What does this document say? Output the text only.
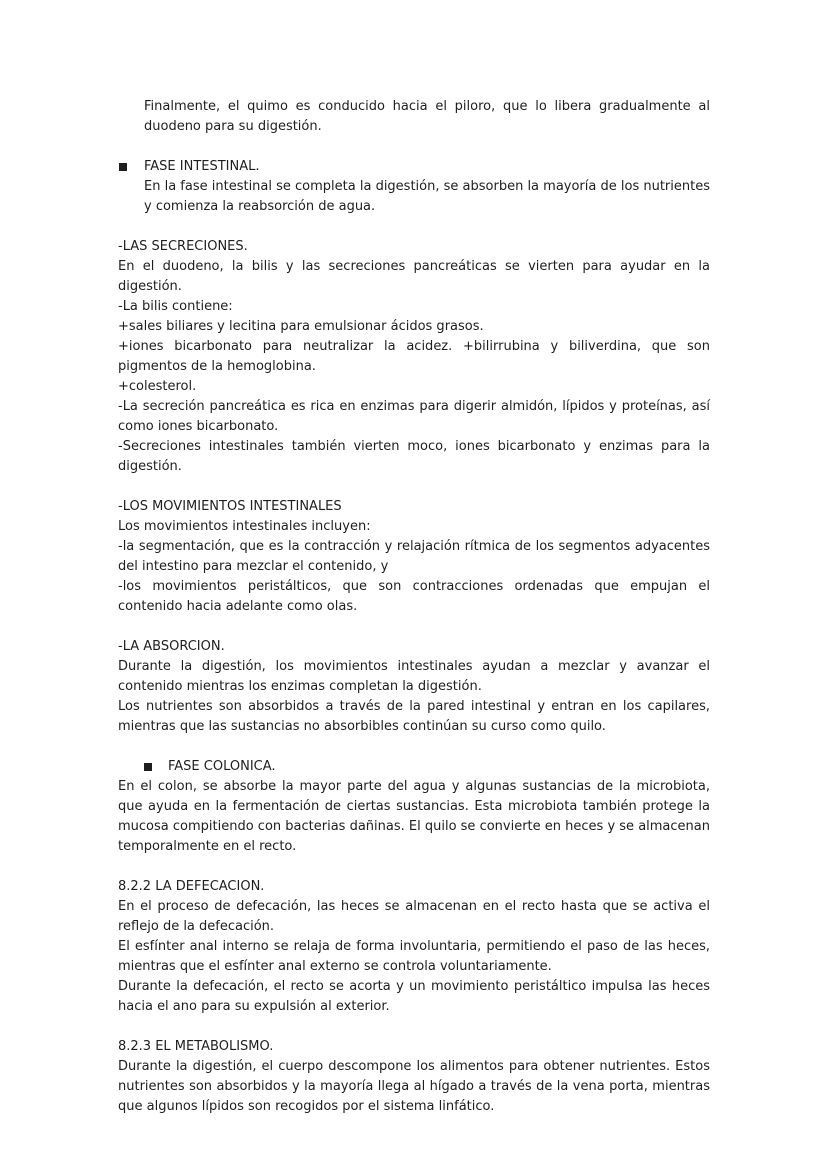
Finalmente, el quimo es conducido hacia el piloro, que lo libera gradualmente al duodeno para su digestión.

FASE INTESTINAL.

En la fase intestinal se completa la digestión, se absorben la mayoría de los nutrientes y comienza la reabsorción de agua.

-LAS SECRECIONES.

En el duodeno, la bilis y las secreciones pancreáticas se vierten para ayudar en la digestión.

-La bilis contiene:

+sales biliares y lecitina para emulsionar ácidos grasos.

+iones bicarbonato para neutralizar la acidez. +bilirrubina y biliverdina, que son pigmentos de la hemoglobina.

+colesterol.

-La secreción pancreática es rica en enzimas para digerir almidón, lípidos y proteínas, así como iones bicarbonato.

-Secreciones intestinales también vierten moco, iones bicarbonato y enzimas para la digestión.

-LOS MOVIMIENTOS INTESTINALES

Los movimientos intestinales incluyen:

-la segmentación, que es la contracción y relajación rítmica de los segmentos adyacentes del intestino para mezclar el contenido, y

-los movimientos peristálticos, que son contracciones ordenadas que empujan el contenido hacia adelante como olas.

-LA ABSORCION.

Durante la digestión, los movimientos intestinales ayudan a mezclar y avanzar el contenido mientras los enzimas completan la digestión.

Los nutrientes son absorbidos a través de la pared intestinal y entran en los capilares, mientras que las sustancias no absorbibles continúan su curso como quilo.

FASE COLONICA.

En el colon, se absorbe la mayor parte del agua y algunas sustancias de la microbiota, que ayuda en la fermentación de ciertas sustancias. Esta microbiota también protege la mucosa compitiendo con bacterias dañinas. El quilo se convierte en heces y se almacenan temporalmente en el recto.

8.2.2 LA DEFECACION.

En el proceso de defecación, las heces se almacenan en el recto hasta que se activa el reflejo de la defecación.

El esfínter anal interno se relaja de forma involuntaria, permitiendo el paso de las heces, mientras que el esfínter anal externo se controla voluntariamente.

Durante la defecación, el recto se acorta y un movimiento peristáltico impulsa las heces hacia el ano para su expulsión al exterior.

8.2.3 EL METABOLISMO.

Durante la digestión, el cuerpo descompone los alimentos para obtener nutrientes. Estos nutrientes son absorbidos y la mayoría llega al hígado a través de la vena porta, mientras que algunos lípidos son recogidos por el sistema linfático.
